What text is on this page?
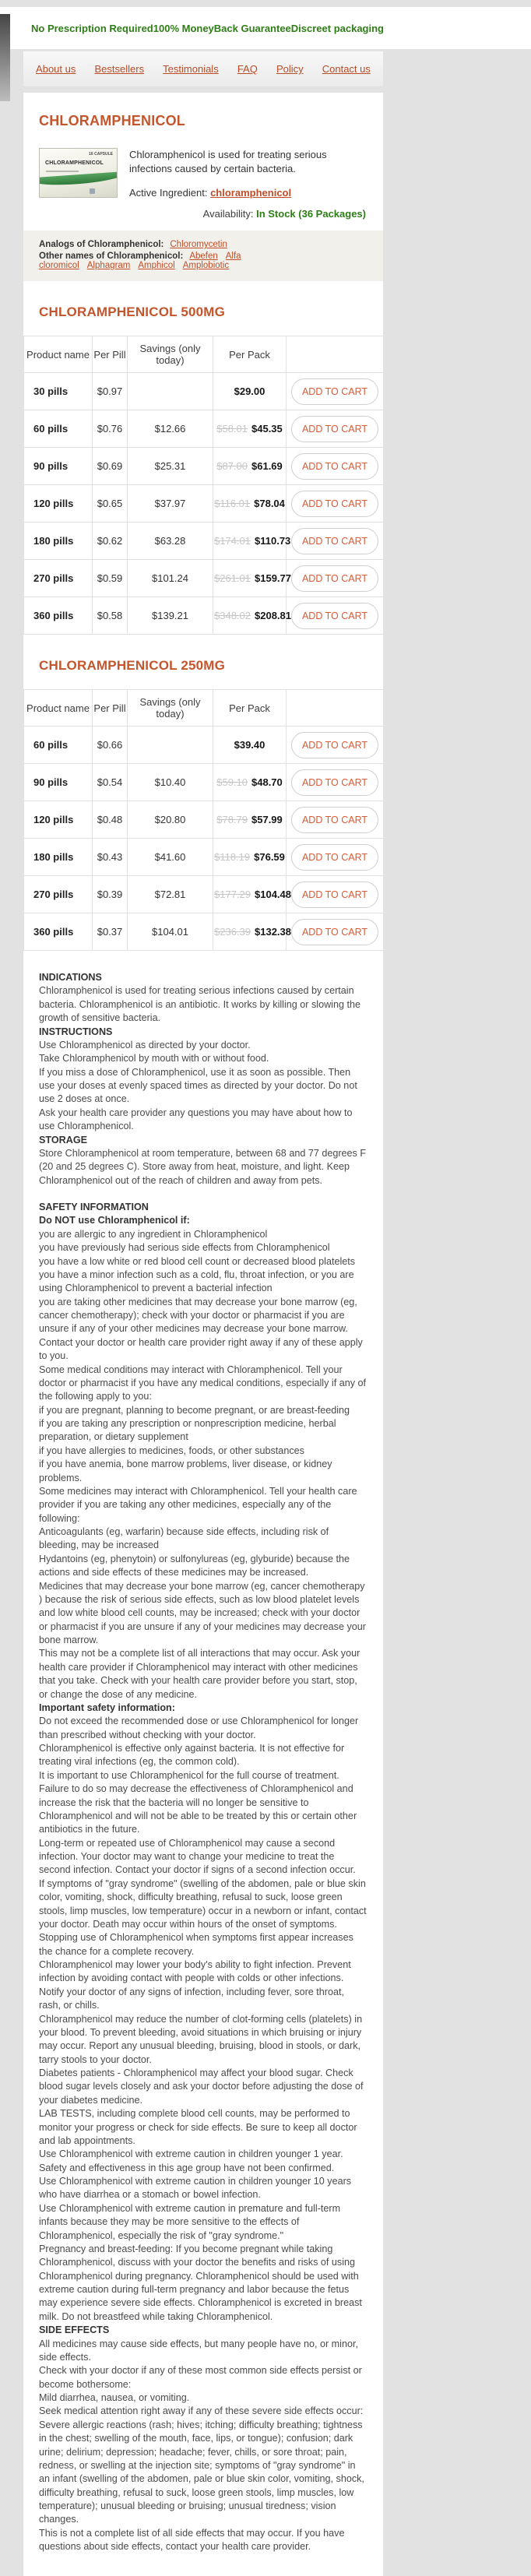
No Prescription Required 100% MoneyBack Guarantee Discreet packaging
About us Bestsellers Testimonials FAQ Policy Contact us
CHLORAMPHENICOL
16 CAPSULE
CHLORAMPHENICOL

Chloramphenicol is used for treating serious infections caused by certain bacteria.

Active Ingredient: chloramphenicol

Availability: In Stock (36 Packages)
Analogs of Chloramphenicol: Chloromycetin
Other names of Chloramphenicol: Abefen Alfa cloromicol Alphagram Amphicol Amplobiotic
CHLORAMPHENICOL 500MG
Product name	Per Pill	Savings (only today)	Per Pack	
30 pills	$0.97		$29.00	ADD TO CART
60 pills	$0.76	$12.66	$58.01 $45.35	ADD TO CART
90 pills	$0.69	$25.31	$87.00 $61.69	ADD TO CART
120 pills	$0.65	$37.97	$116.01 $78.04	ADD TO CART
180 pills	$0.62	$63.28	$174.01 $110.73	ADD TO CART
270 pills	$0.59	$101.24	$261.01 $159.77	ADD TO CART
360 pills	$0.58	$139.21	$348.02 $208.81	ADD TO CART
CHLORAMPHENICOL 250MG
Product name	Per Pill	Savings (only today)	Per Pack	
60 pills	$0.66		$39.40	ADD TO CART
90 pills	$0.54	$10.40	$59.10 $48.70	ADD TO CART
120 pills	$0.48	$20.80	$78.79 $57.99	ADD TO CART
180 pills	$0.43	$41.60	$118.19 $76.59	ADD TO CART
270 pills	$0.39	$72.81	$177.29 $104.48	ADD TO CART
360 pills	$0.37	$104.01	$236.39 $132.38	ADD TO CART
INDICATIONS
Chloramphenicol is used for treating serious infections caused by certain bacteria. Chloramphenicol is an antibiotic. It works by killing or slowing the growth of sensitive bacteria.
INSTRUCTIONS
Use Chloramphenicol as directed by your doctor.
Take Chloramphenicol by mouth with or without food.
If you miss a dose of Chloramphenicol, use it as soon as possible. Then use your doses at evenly spaced times as directed by your doctor. Do not use 2 doses at once.
Ask your health care provider any questions you may have about how to use Chloramphenicol.
STORAGE
Store Chloramphenicol at room temperature, between 68 and 77 degrees F (20 and 25 degrees C). Store away from heat, moisture, and light. Keep Chloramphenicol out of the reach of children and away from pets.
SAFETY INFORMATION
Do NOT use Chloramphenicol if:
you are allergic to any ingredient in Chloramphenicol
you have previously had serious side effects from Chloramphenicol
you have a low white or red blood cell count or decreased blood platelets
you have a minor infection such as a cold, flu, throat infection, or you are using Chloramphenicol to prevent a bacterial infection
you are taking other medicines that may decrease your bone marrow (eg, cancer chemotherapy); check with your doctor or pharmacist if you are unsure if any of your other medicines may decrease your bone marrow.
Contact your doctor or health care provider right away if any of these apply to you.
Some medical conditions may interact with Chloramphenicol. Tell your doctor or pharmacist if you have any medical conditions, especially if any of the following apply to you:
if you are pregnant, planning to become pregnant, or are breast-feeding
if you are taking any prescription or nonprescription medicine, herbal preparation, or dietary supplement
if you have allergies to medicines, foods, or other substances
if you have anemia, bone marrow problems, liver disease, or kidney problems.
Some medicines may interact with Chloramphenicol. Tell your health care provider if you are taking any other medicines, especially any of the following:
Anticoagulants (eg, warfarin) because side effects, including risk of bleeding, may be increased
Hydantoins (eg, phenytoin) or sulfonylureas (eg, glyburide) because the actions and side effects of these medicines may be increased.
Medicines that may decrease your bone marrow (eg, cancer chemotherapy ) because the risk of serious side effects, such as low blood platelet levels and low white blood cell counts, may be increased; check with your doctor or pharmacist if you are unsure if any of your medicines may decrease your bone marrow.
This may not be a complete list of all interactions that may occur. Ask your health care provider if Chloramphenicol may interact with other medicines that you take. Check with your health care provider before you start, stop, or change the dose of any medicine.
Important safety information:
Do not exceed the recommended dose or use Chloramphenicol for longer than prescribed without checking with your doctor.
Chloramphenicol is effective only against bacteria. It is not effective for treating viral infections (eg, the common cold).
It is important to use Chloramphenicol for the full course of treatment. Failure to do so may decrease the effectiveness of Chloramphenicol and increase the risk that the bacteria will no longer be sensitive to Chloramphenicol and will not be able to be treated by this or certain other antibiotics in the future.
Long-term or repeated use of Chloramphenicol may cause a second infection. Your doctor may want to change your medicine to treat the second infection. Contact your doctor if signs of a second infection occur.
If symptoms of "gray syndrome" (swelling of the abdomen, pale or blue skin color, vomiting, shock, difficulty breathing, refusal to suck, loose green stools, limp muscles, low temperature) occur in a newborn or infant, contact your doctor. Death may occur within hours of the onset of symptoms. Stopping use of Chloramphenicol when symptoms first appear increases the chance for a complete recovery.
Chloramphenicol may lower your body's ability to fight infection. Prevent infection by avoiding contact with people with colds or other infections. Notify your doctor of any signs of infection, including fever, sore throat, rash, or chills.
Chloramphenicol may reduce the number of clot-forming cells (platelets) in your blood. To prevent bleeding, avoid situations in which bruising or injury may occur. Report any unusual bleeding, bruising, blood in stools, or dark, tarry stools to your doctor.
Diabetes patients - Chloramphenicol may affect your blood sugar. Check blood sugar levels closely and ask your doctor before adjusting the dose of your diabetes medicine.
LAB TESTS, including complete blood cell counts, may be performed to monitor your progress or check for side effects. Be sure to keep all doctor and lab appointments.
Use Chloramphenicol with extreme caution in children younger 1 year. Safety and effectiveness in this age group have not been confirmed.
Use Chloramphenicol with extreme caution in children younger 10 years who have diarrhea or a stomach or bowel infection.
Use Chloramphenicol with extreme caution in premature and full-term infants because they may be more sensitive to the effects of Chloramphenicol, especially the risk of "gray syndrome."
Pregnancy and breast-feeding: If you become pregnant while taking Chloramphenicol, discuss with your doctor the benefits and risks of using Chloramphenicol during pregnancy. Chloramphenicol should be used with extreme caution during full-term pregnancy and labor because the fetus may experience severe side effects. Chloramphenicol is excreted in breast milk. Do not breastfeed while taking Chloramphenicol.
SIDE EFFECTS
All medicines may cause side effects, but many people have no, or minor, side effects.
Check with your doctor if any of these most common side effects persist or become bothersome:
Mild diarrhea, nausea, or vomiting.
Seek medical attention right away if any of these severe side effects occur:
Severe allergic reactions (rash; hives; itching; difficulty breathing; tightness in the chest; swelling of the mouth, face, lips, or tongue); confusion; dark urine; delirium; depression; headache; fever, chills, or sore throat; pain, redness, or swelling at the injection site; symptoms of "gray syndrome" in an infant (swelling of the abdomen, pale or blue skin color, vomiting, shock, difficulty breathing, refusal to suck, loose green stools, limp muscles, low temperature); unusual bleeding or bruising; unusual tiredness; vision changes.
This is not a complete list of all side effects that may occur. If you have questions about side effects, contact your health care provider.
